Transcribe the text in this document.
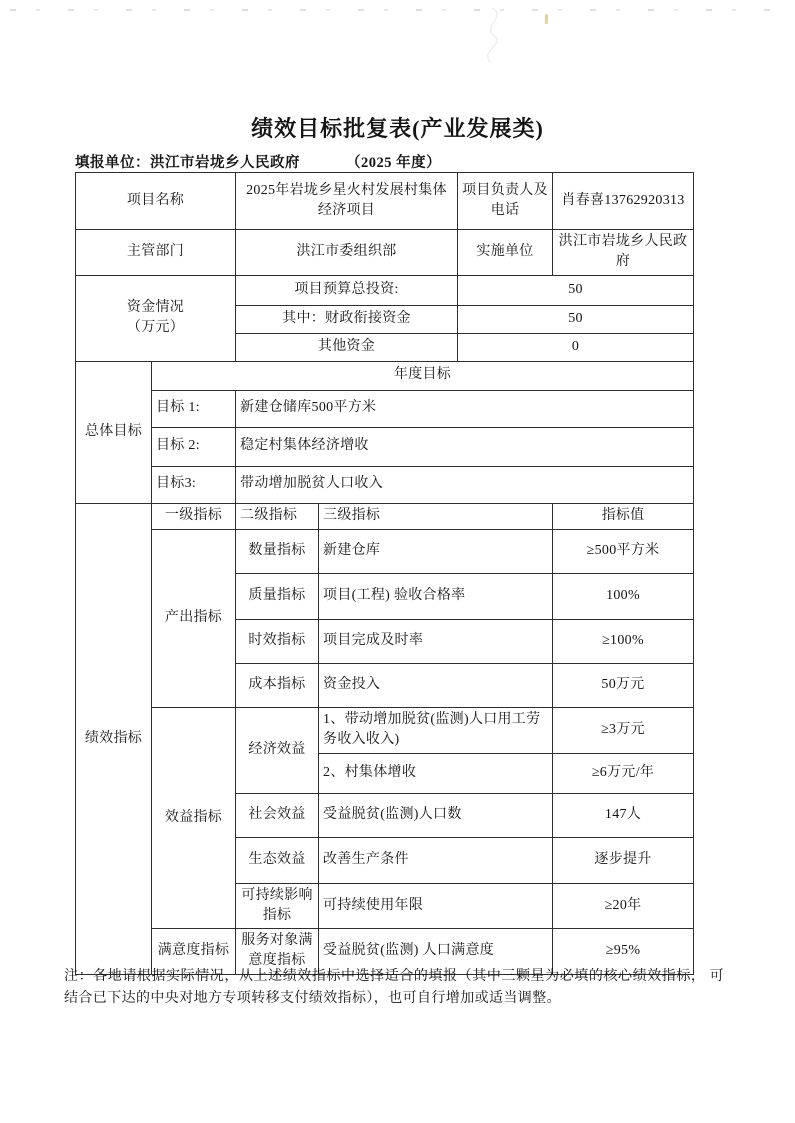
绩效目标批复表(产业发展类)
填报单位：洪江市岩垅乡人民政府	（2025 年度）
项目名称		2025年岩垅乡星火村发展村集体经济项目		项目负责人及电话	肖春喜13762920313
主管部门		洪江市委组织部		实施单位	洪江市岩垅乡人民政府

资金情况
（万元）		项目预算总投资:		50	
		其中：财政衔接资金		50	
		其他资金		0	
总体目标	年度目标				
	目标 1:	新建仓储库500平方米			
	目标 2:	稳定村集体经济增收			
	目标3:	带动增加脱贫人口收入			
绩效指标	一级指标	二级指标	三级指标		指标值
	产出指标	数量指标	新建仓库		≥500平方米
		质量指标	项目(工程) 验收合格率		100%
		时效指标	项目完成及时率		≥100%
		成本指标	资金投入		50万元
	效益指标	经济效益	1、带动增加脱贫(监测)人口用工劳务收入收入)		≥3万元
			2、村集体增收		≥6万元/年
		社会效益	受益脱贫(监测)人口数		147人
		生态效益	改善生产条件		逐步提升
		可持续影响指标	可持续使用年限		≥20年
	满意度指标	服务对象满意度指标	受益脱贫(监测) 人口满意度		≥95%
注：各地请根据实际情况，从上述绩效指标中选择适合的填报（其中三颗星为必填的核心绩效指标， 可结合已下达的中央对地方专项转移支付绩效指标），也可自行增加或适当调整。
